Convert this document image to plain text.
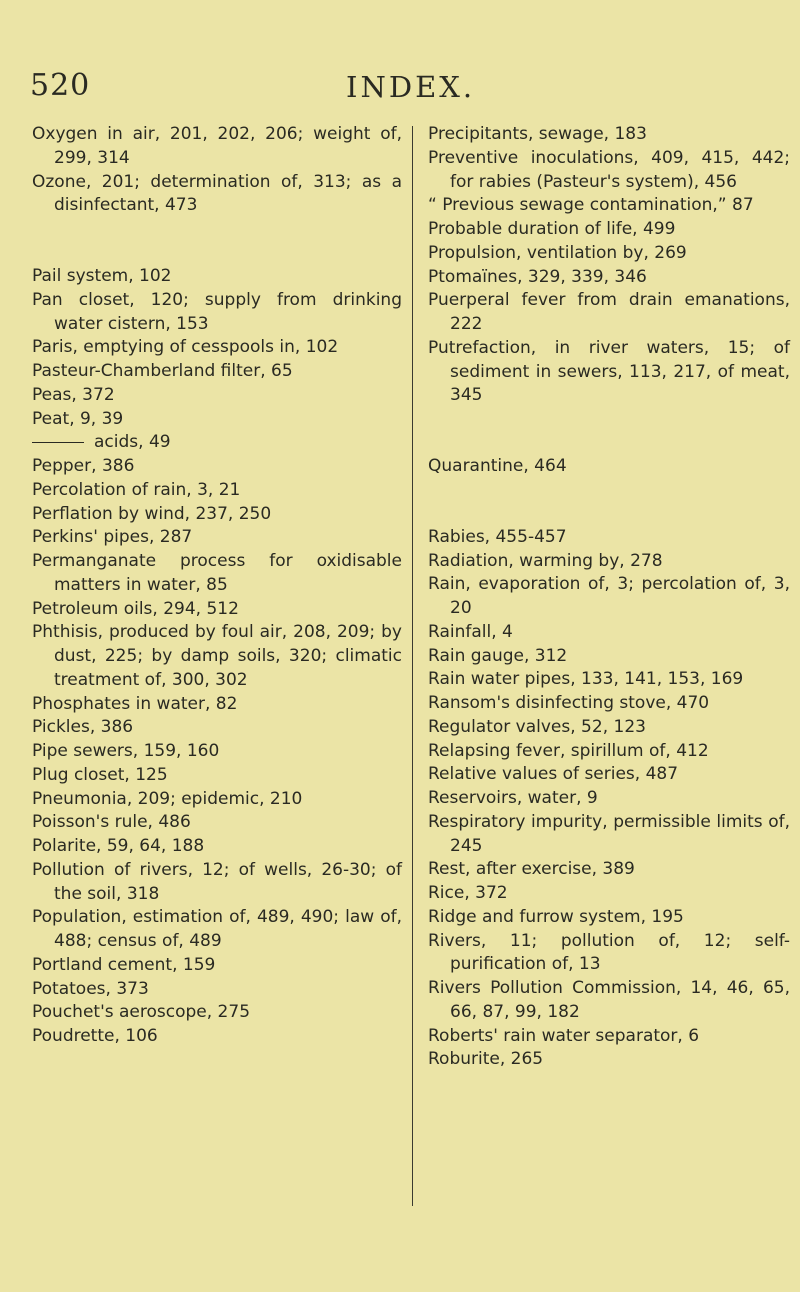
520	INDEX.
Oxygen in air, 201, 202, 206; weight of, 299, 314
Ozone, 201; determination of, 313; as a disinfectant, 473
Pail system, 102
Pan closet, 120; supply from drinking water cistern, 153
Paris, emptying of cesspools in, 102
Pasteur-Chamberland filter, 65
Peas, 372
Peat, 9, 39
acids, 49
Pepper, 386
Percolation of rain, 3, 21
Perflation by wind, 237, 250
Perkins' pipes, 287
Permanganate process for oxidisable matters in water, 85
Petroleum oils, 294, 512
Phthisis, produced by foul air, 208, 209; by dust, 225; by damp soils, 320; climatic treatment of, 300, 302
Phosphates in water, 82
Pickles, 386
Pipe sewers, 159, 160
Plug closet, 125
Pneumonia, 209; epidemic, 210
Poisson's rule, 486
Polarite, 59, 64, 188
Pollution of rivers, 12; of wells, 26-30; of the soil, 318
Population, estimation of, 489, 490; law of, 488; census of, 489
Portland cement, 159
Potatoes, 373
Pouchet's aeroscope, 275
Poudrette, 106
Precipitants, sewage, 183
Preventive inoculations, 409, 415, 442; for rabies (Pasteur's system), 456
“ Previous sewage contamination,” 87
Probable duration of life, 499
Propulsion, ventilation by, 269
Ptomaïnes, 329, 339, 346
Puerperal fever from drain emanations, 222
Putrefaction, in river waters, 15; of sediment in sewers, 113, 217, of meat, 345
Quarantine, 464
Rabies, 455-457
Radiation, warming by, 278
Rain, evaporation of, 3; percolation of, 3, 20
Rainfall, 4
Rain gauge, 312
Rain water pipes, 133, 141, 153, 169
Ransom's disinfecting stove, 470
Regulator valves, 52, 123
Relapsing fever, spirillum of, 412
Relative values of series, 487
Reservoirs, water, 9
Respiratory impurity, permissible limits of, 245
Rest, after exercise, 389
Rice, 372
Ridge and furrow system, 195
Rivers, 11; pollution of, 12; self-purification of, 13
Rivers Pollution Commission, 14, 46, 65, 66, 87, 99, 182
Roberts' rain water separator, 6
Roburite, 265
